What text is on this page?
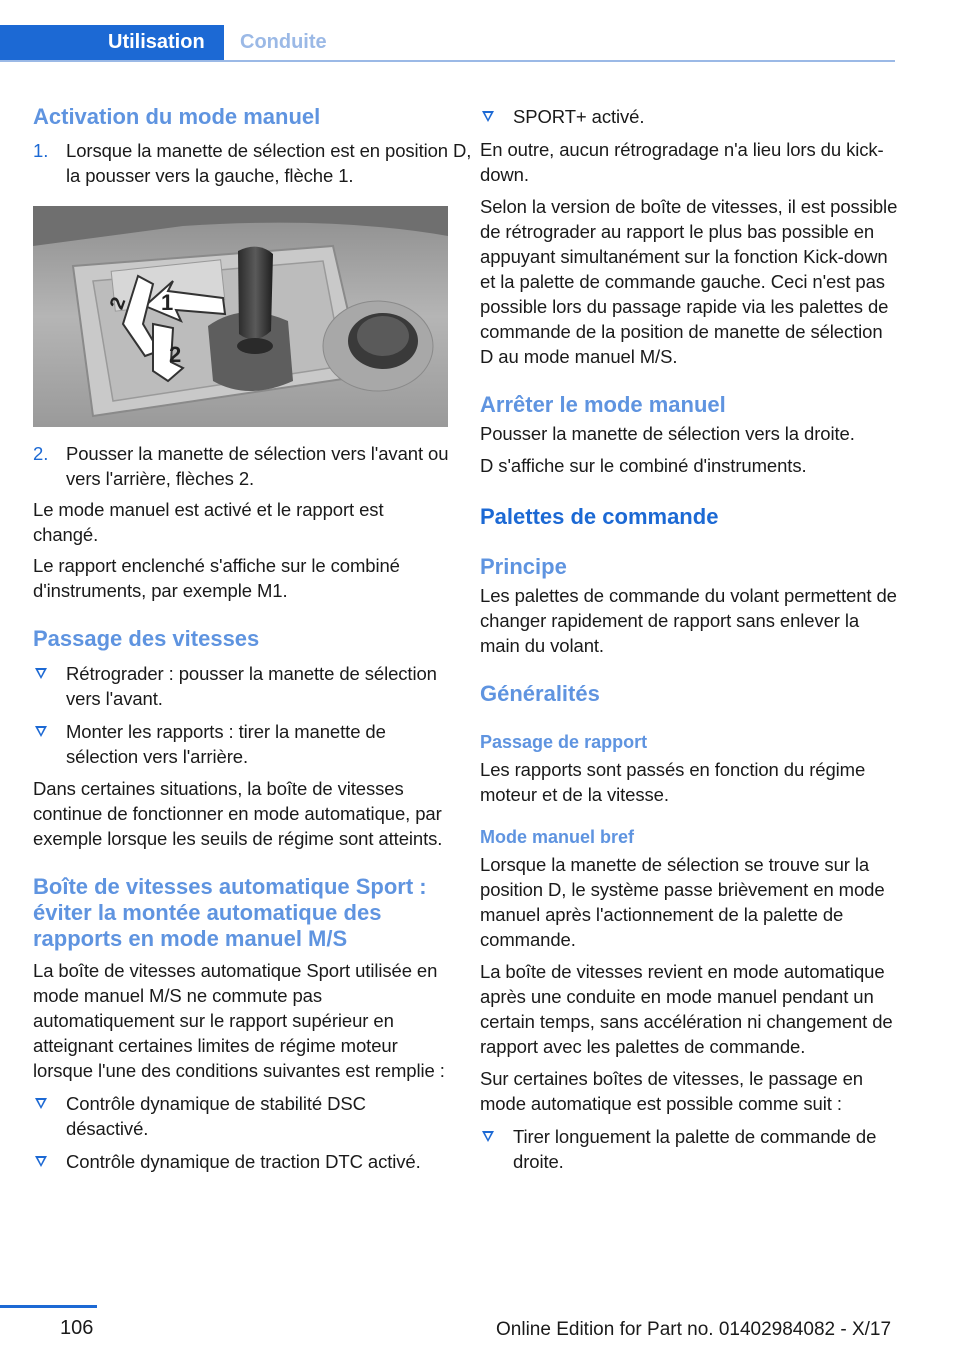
Utilisation Conduite
Activation du mode manuel
1. Lorsque la manette de sélection est en position D, la pousser vers la gauche, flèche 1.
1
2
2
2. Pousser la manette de sélection vers l'avant ou vers l'arrière, flèches 2.

Le mode manuel est activé et le rapport est changé.

Le rapport enclenché s'affiche sur le combiné d'instruments, par exemple M1.

Passage des vitesses
Rétrograder : pousser la manette de sélection vers l'avant.
Monter les rapports : tirer la manette de sélection vers l'arrière.

Dans certaines situations, la boîte de vitesses continue de fonctionner en mode automatique, par exemple lorsque les seuils de régime sont atteints.

Boîte de vitesses automatique Sport : éviter la montée automatique des rapports en mode manuel M/S

La boîte de vitesses automatique Sport utilisée en mode manuel M/S ne commute pas automatiquement sur le rapport supérieur en atteignant certaines limites de régime moteur lorsque l'une des conditions suivantes est remplie :

Contrôle dynamique de stabilité DSC désactivé.
Contrôle dynamique de traction DTC activé.
SPORT+ activé.

En outre, aucun rétrogradage n'a lieu lors du kick-down.

Selon la version de boîte de vitesses, il est possible de rétrograder au rapport le plus bas possible en appuyant simultanément sur la fonction Kick-down et la palette de commande gauche. Ceci n'est pas possible lors du passage rapide via les palettes de commande de la position de manette de sélection D au mode manuel M/S.

Arrêter le mode manuel

Pousser la manette de sélection vers la droite.

D s'affiche sur le combiné d'instruments.

Palettes de commande
Principe

Les palettes de commande du volant permettent de changer rapidement de rapport sans enlever la main du volant.

Généralités
Passage de rapport

Les rapports sont passés en fonction du régime moteur et de la vitesse.

Mode manuel bref

Lorsque la manette de sélection se trouve sur la position D, le système passe brièvement en mode manuel après l'actionnement de la palette de commande.

La boîte de vitesses revient en mode automatique après une conduite en mode manuel pendant un certain temps, sans accélération ni changement de rapport avec les palettes de commande.

Sur certaines boîtes de vitesses, le passage en mode automatique est possible comme suit :

Tirer longuement la palette de commande de droite.
106	Online Edition for Part no. 01402984082 - X/17
